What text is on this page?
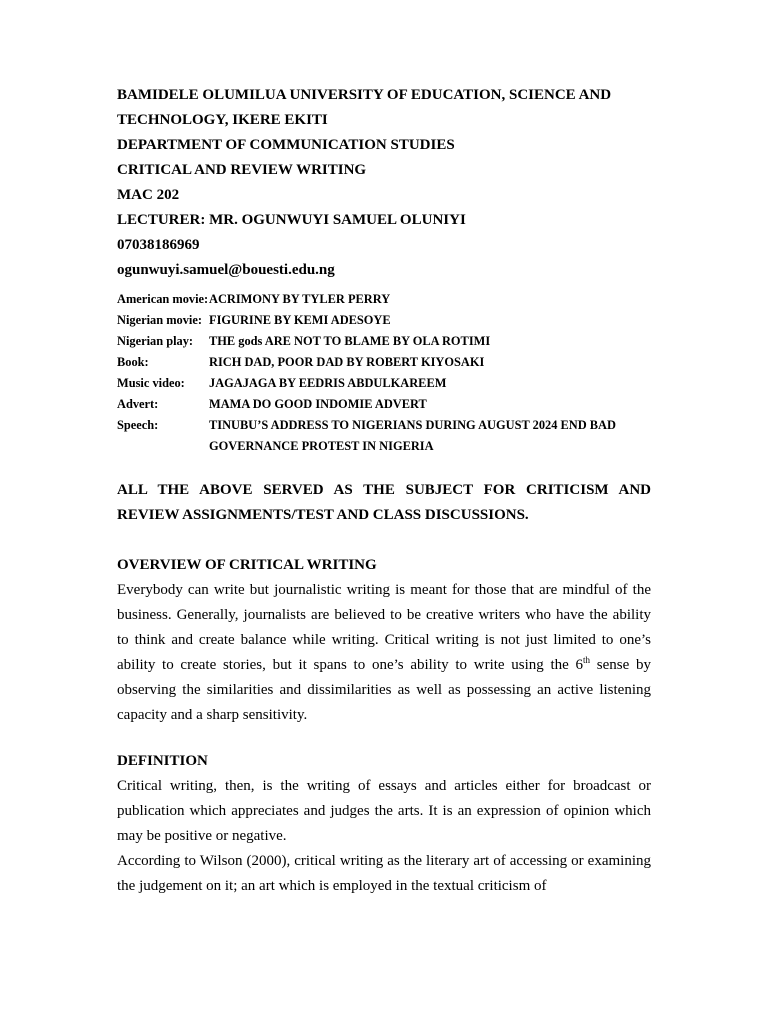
BAMIDELE OLUMILUA UNIVERSITY OF EDUCATION, SCIENCE AND
TECHNOLOGY, IKERE EKITI
DEPARTMENT OF COMMUNICATION STUDIES
CRITICAL AND REVIEW WRITING
MAC 202
LECTURER: MR. OGUNWUYI SAMUEL OLUNIYI
07038186969
ogunwuyi.samuel@bouesti.edu.ng
American movie: ACRIMONY BY TYLER PERRY
Nigerian movie: FIGURINE BY KEMI ADESOYE
Nigerian play:	THE gods ARE NOT TO BLAME BY OLA ROTIMI
Book:	RICH DAD, POOR DAD BY ROBERT KIYOSAKI
Music video:	JAGAJAGA BY EEDRIS ABDULKAREEM
Advert:	MAMA DO GOOD INDOMIE ADVERT
Speech:	TINUBU’S ADDRESS TO NIGERIANS DURING AUGUST 2024 END BAD GOVERNANCE PROTEST IN NIGERIA
ALL THE ABOVE SERVED AS THE SUBJECT FOR CRITICISM AND REVIEW ASSIGNMENTS/TEST AND CLASS DISCUSSIONS.
OVERVIEW OF CRITICAL WRITING
Everybody can write but journalistic writing is meant for those that are mindful of the business. Generally, journalists are believed to be creative writers who have the ability to think and create balance while writing. Critical writing is not just limited to one’s ability to create stories, but it spans to one’s ability to write using the 6th sense by observing the similarities and dissimilarities as well as possessing an active listening capacity and a sharp sensitivity.
DEFINITION
Critical writing, then, is the writing of essays and articles either for broadcast or publication which appreciates and judges the arts. It is an expression of opinion which may be positive or negative.
According to Wilson (2000), critical writing as the literary art of accessing or examining the judgement on it; an art which is employed in the textual criticism of
